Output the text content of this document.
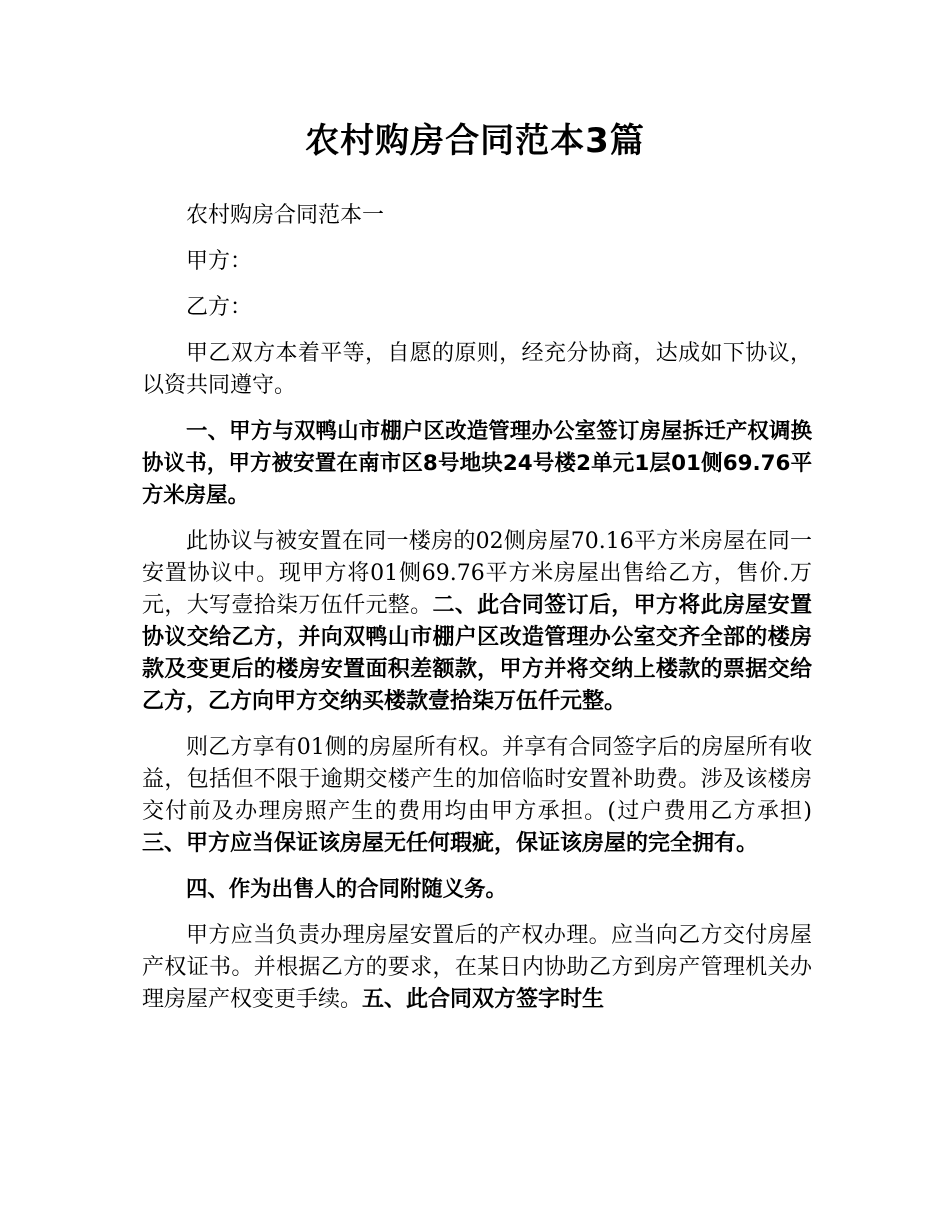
农村购房合同范本3篇

农村购房合同范本一

甲方：

乙方：

甲乙双方本着平等，自愿的原则，经充分协商，达成如下协议，以资共同遵守。

一、甲方与双鸭山市棚户区改造管理办公室签订房屋拆迁产权调换协议书，甲方被安置在南市区8号地块24号楼2单元1层01侧69.76平方米房屋。

此协议与被安置在同一楼房的02侧房屋70.16平方米房屋在同一安置协议中。现甲方将01侧69.76平方米房屋出售给乙方，售价.万元，大写壹拾柒万伍仟元整。二、此合同签订后，甲方将此房屋安置协议交给乙方，并向双鸭山市棚户区改造管理办公室交齐全部的楼房款及变更后的楼房安置面积差额款，甲方并将交纳上楼款的票据交给乙方，乙方向甲方交纳买楼款壹拾柒万伍仟元整。

则乙方享有01侧的房屋所有权。并享有合同签字后的房屋所有收益，包括但不限于逾期交楼产生的加倍临时安置补助费。涉及该楼房交付前及办理房照产生的费用均由甲方承担。(过户费用乙方承担)三、甲方应当保证该房屋无任何瑕疵，保证该房屋的完全拥有。

四、作为出售人的合同附随义务。

甲方应当负责办理房屋安置后的产权办理。应当向乙方交付房屋产权证书。并根据乙方的要求，在某日内协助乙方到房产管理机关办理房屋产权变更手续。五、此合同双方签字时生
